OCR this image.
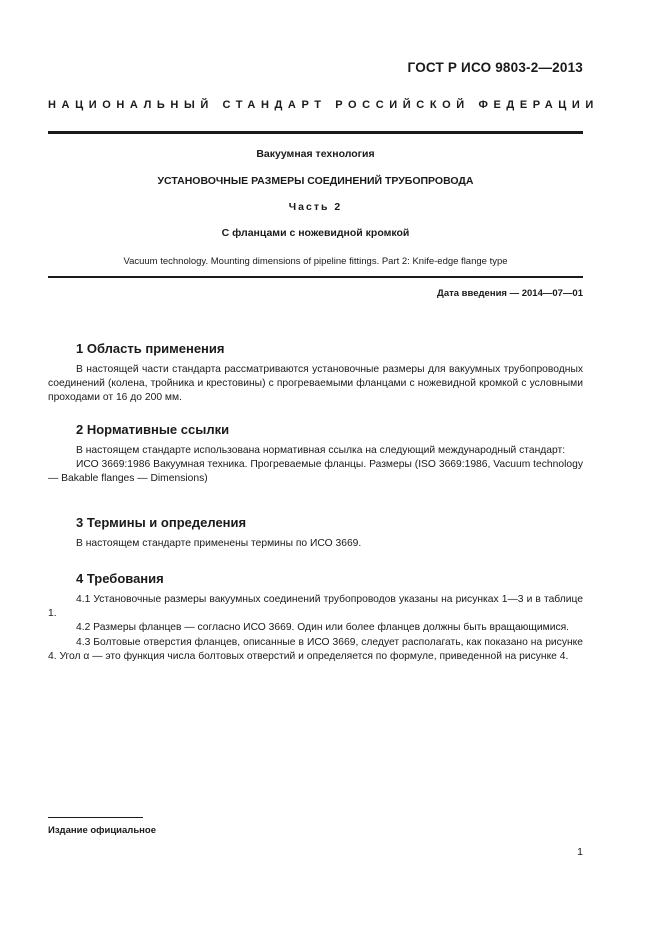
ГОСТ Р ИСО 9803-2—2013
НАЦИОНАЛЬНЫЙ СТАНДАРТ РОССИЙСКОЙ ФЕДЕРАЦИИ
Вакуумная технология
УСТАНОВОЧНЫЕ РАЗМЕРЫ СОЕДИНЕНИЙ ТРУБОПРОВОДА
Часть 2
С фланцами с ножевидной кромкой
Vacuum technology. Mounting dimensions of pipeline fittings. Part 2: Knife-edge flange type
Дата введения — 2014—07—01
1 Область применения

В настоящей части стандарта рассматриваются установочные размеры для вакуумных трубопроводных соединений (колена, тройника и крестовины) с прогреваемыми фланцами с ножевидной кромкой с условными проходами от 16 до 200 мм.

2 Нормативные ссылки

В настоящем стандарте использована нормативная ссылка на следующий международный стандарт:

ИСО 3669:1986 Вакуумная техника. Прогреваемые фланцы. Размеры (ISO 3669:1986, Vacuum technology — Bakable flanges — Dimensions)

3 Термины и определения

В настоящем стандарте применены термины по ИСО 3669.

4 Требования

4.1 Установочные размеры вакуумных соединений трубопроводов указаны на рисунках 1—3 и в таблице 1.

4.2 Размеры фланцев — согласно ИСО 3669. Один или более фланцев должны быть вращающимися.

4.3 Болтовые отверстия фланцев, описанные в ИСО 3669, следует располагать, как показано на рисунке 4. Угол α — это функция числа болтовых отверстий и определяется по формуле, приведенной на рисунке 4.

Издание официальное
1
